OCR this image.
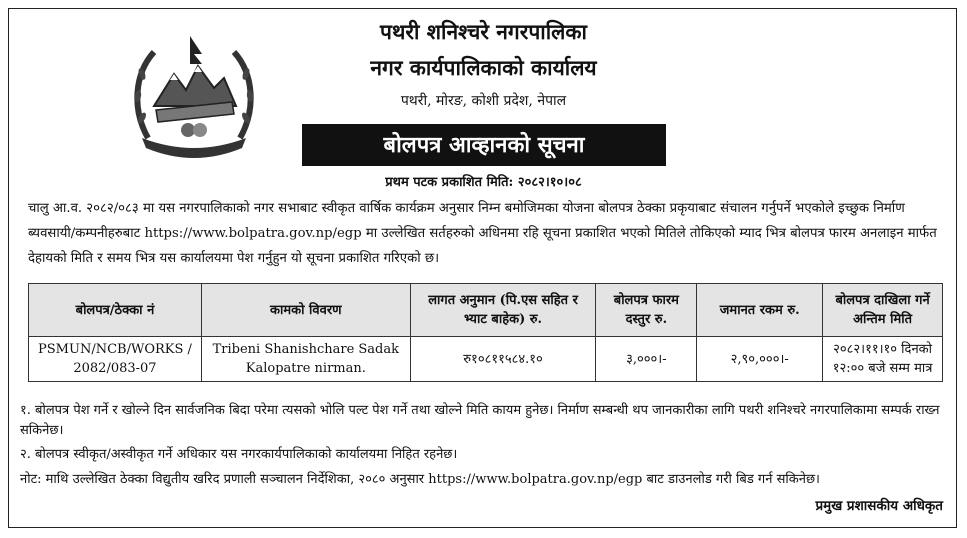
पथरी शनिश्चरे नगरपालिका
नगर कार्यपालिकाको कार्यालय
पथरी, मोरङ, कोशी प्रदेश, नेपाल
बोलपत्र आव्हानको सूचना
प्रथम पटक प्रकाशित मिति: २०८२।१०।०८

चालु आ.व. २०८२/०८३ मा यस नगरपालिकाको नगर सभाबाट स्वीकृत वार्षिक कार्यक्रम अनुसार निम्न बमोजिमका योजना बोलपत्र ठेक्का प्रकृयाबाट संचालन गर्नुपर्ने भएकोले इच्छुक निर्माण ब्यवसायी/कम्पनीहरुबाट https://www.bolpatra.gov.np/egp मा उल्लेखित सर्तहरुको अधिनमा रहि सूचना प्रकाशित भएको मितिले तोकिएको म्याद भित्र बोलपत्र फारम अनलाइन मार्फत देहायको मिति र समय भित्र यस कार्यालयमा पेश गर्नुहुन यो सूचना प्रकाशित गरिएको छ।

बोलपत्र/ठेक्का नं	कामको विवरण	लागत अनुमान (पि.एस सहित र भ्याट बाहेक) रु.	बोलपत्र फारम दस्तुर रु.	जमानत रकम रु.	बोलपत्र दाखिला गर्ने अन्तिम मिति
PSMUN/NCB/WORKS / 2082/083-07	Tribeni Shanishchare Sadak Kalopatre nirman.	रु१०८११५८४.१०	३,०००।-	२,९०,०००।-	२०८२।११।१० दिनको १२:०० बजे सम्म मात्र

१. बोलपत्र पेश गर्ने र खोल्ने दिन सार्वजनिक बिदा परेमा त्यसको भोलि पल्ट पेश गर्ने तथा खोल्ने मिति कायम हुनेछ। निर्माण सम्बन्धी थप जानकारीका लागि पथरी शनिश्चरे नगरपालिकामा सम्पर्क राख्न सकिनेछ।

२. बोलपत्र स्वीकृत/अस्वीकृत गर्ने अधिकार यस नगरकार्यपालिकाको कार्यालयमा निहित रहनेछ।

नोट: माथि उल्लेखित ठेक्का विद्युतीय खरिद प्रणाली सञ्चालन निर्देशिका, २०८० अनुसार https://www.bolpatra.gov.np/egp बाट डाउनलोड गरी बिड गर्न सकिनेछ।

प्रमुख प्रशासकीय अधिकृत
